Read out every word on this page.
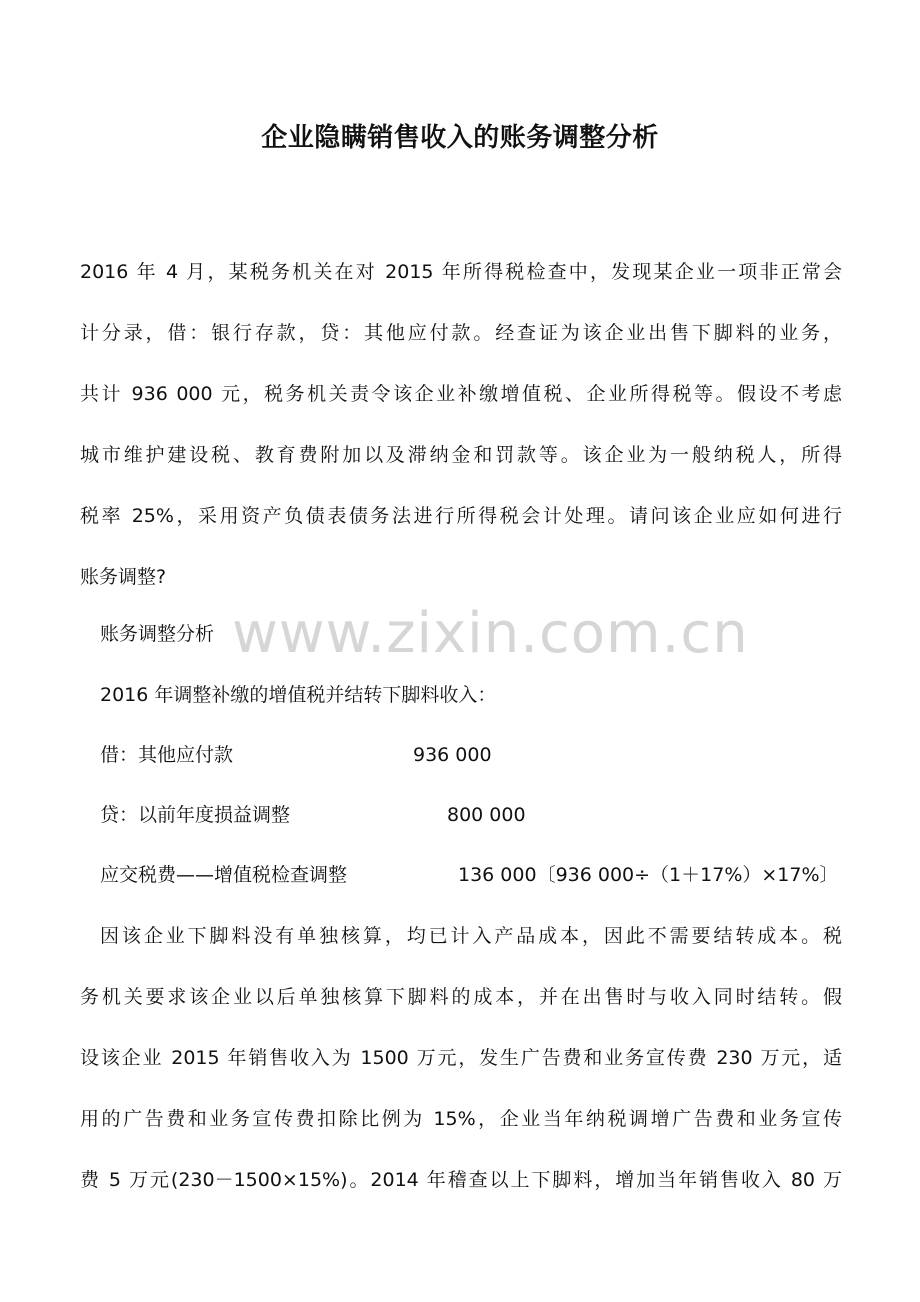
企业隐瞒销售收入的账务调整分析
www.zixin.com.cn
2016 年 4 月，某税务机关在对 2015 年所得税检查中，发现某企业一项非正常会
计分录，借：银行存款，贷：其他应付款。经查证为该企业出售下脚料的业务，
共计 936 000 元，税务机关责令该企业补缴增值税、企业所得税等。假设不考虑
城市维护建设税、教育费附加以及滞纳金和罚款等。该企业为一般纳税人，所得
税率 25%，采用资产负债表债务法进行所得税会计处理。请问该企业应如何进行
账务调整?
账务调整分析
2016 年调整补缴的增值税并结转下脚料收入：
借：其他应付款	936 000
贷：以前年度损益调整	800 000
应交税费——增值税检查调整	136 000〔936 000÷（1＋17%）×17%〕
因该企业下脚料没有单独核算，均已计入产品成本，因此不需要结转成本。税
务机关要求该企业以后单独核算下脚料的成本，并在出售时与收入同时结转。假
设该企业 2015 年销售收入为 1500 万元，发生广告费和业务宣传费 230 万元，适
用的广告费和业务宣传费扣除比例为 15%，企业当年纳税调增广告费和业务宣传
费 5 万元(230－1500×15%)。2014 年稽查以上下脚料，增加当年销售收入 80 万
